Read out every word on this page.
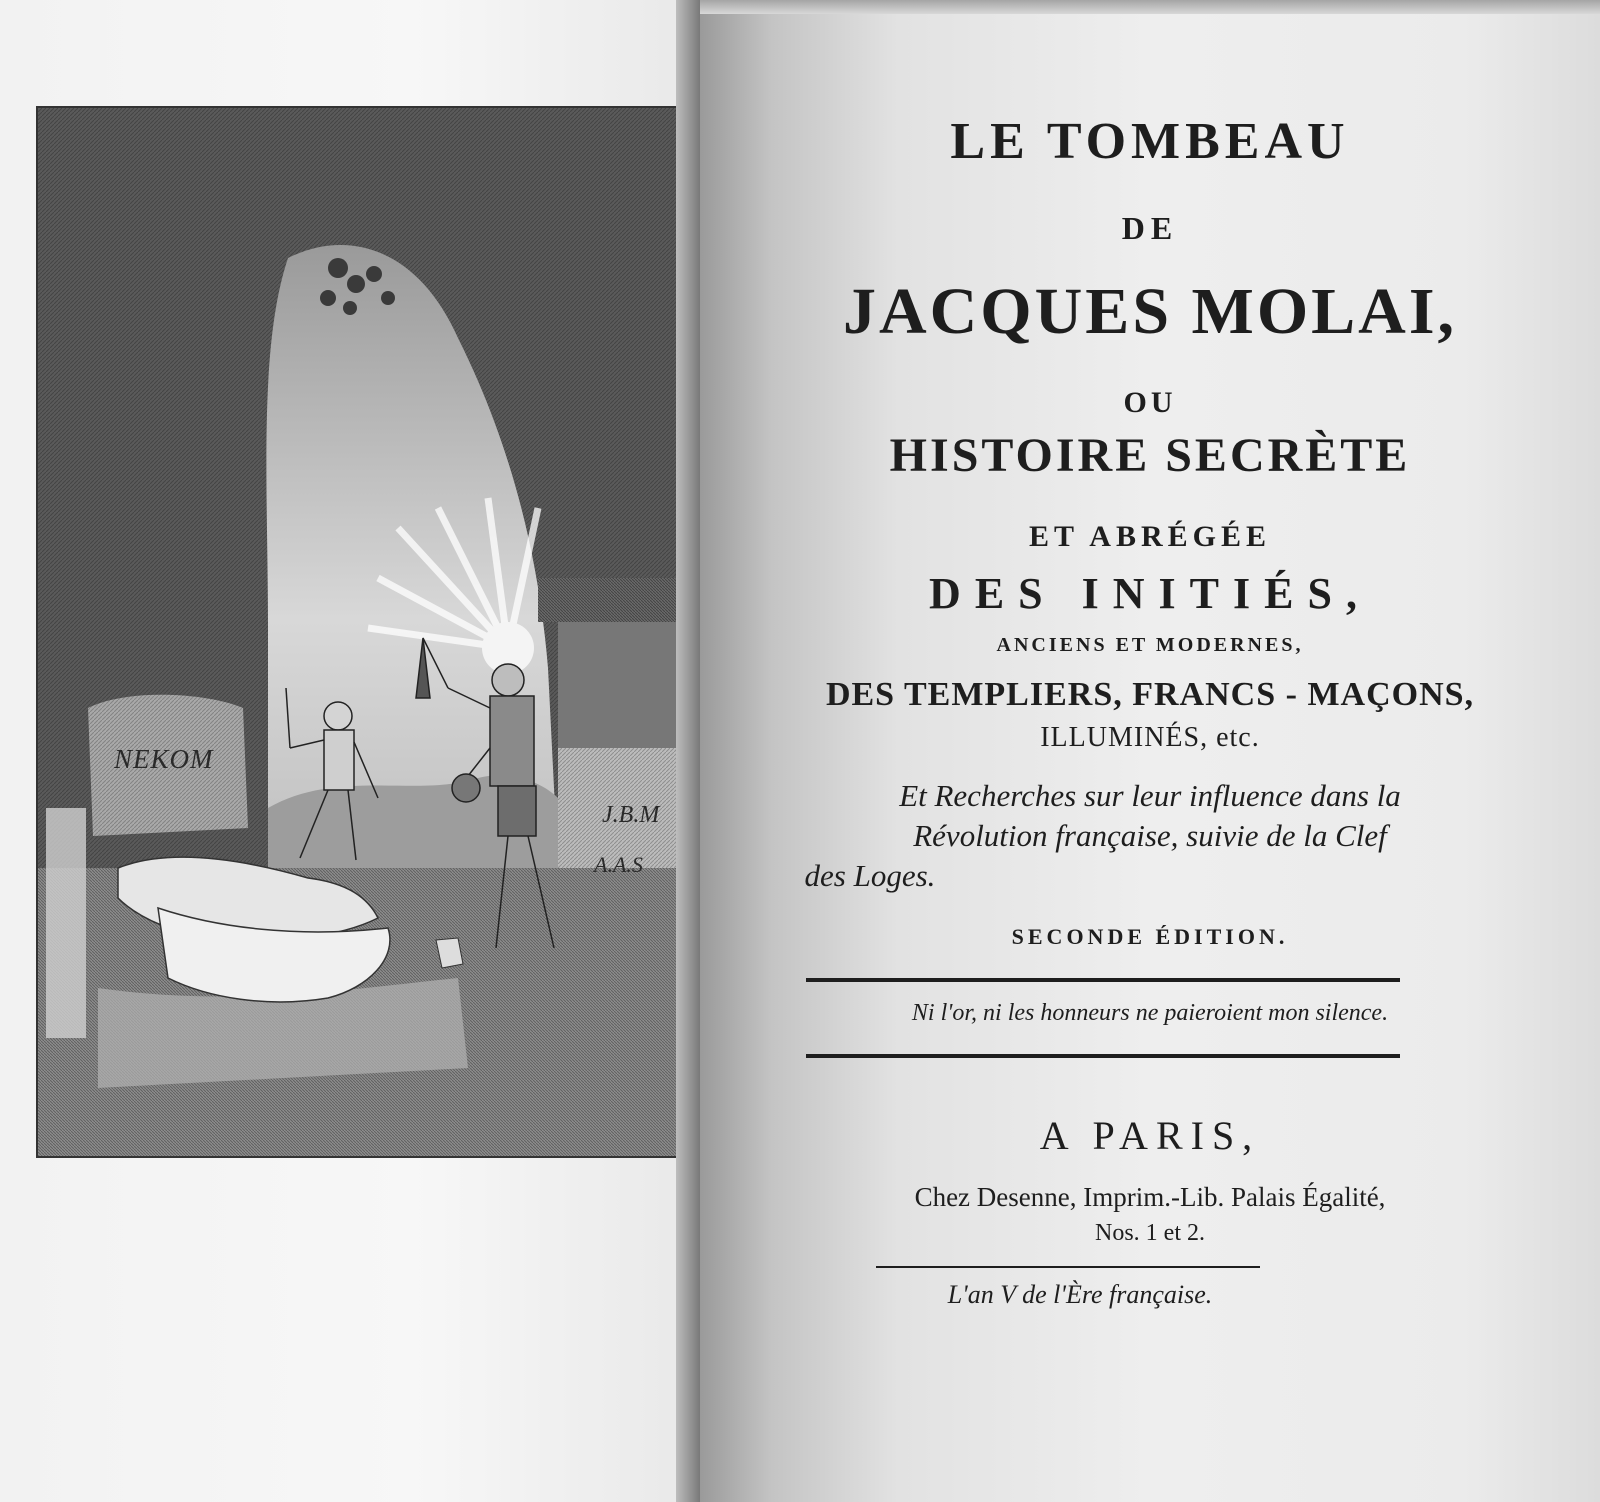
NEKOM
J.B.M
A.A.S
LE TOMBEAU
DE
JACQUES MOLAI,
OU
HISTOIRE SECRÈTE
ET ABRÉGÉE
DES INITIÉS,
ANCIENS ET MODERNES,
DES TEMPLIERS, FRANCS - MAÇONS,
ILLUMINÉS, etc.
Et Recherches sur leur influence dans la
Révolution française, suivie de la Clef
des Loges.
SECONDE ÉDITION.
Ni l'or, ni les honneurs ne paieroient mon silence.
A PARIS,
Chez Desenne, Imprim.-Lib. Palais Égalité,
Nos. 1 et 2.
L'an V de l'Ère française.
